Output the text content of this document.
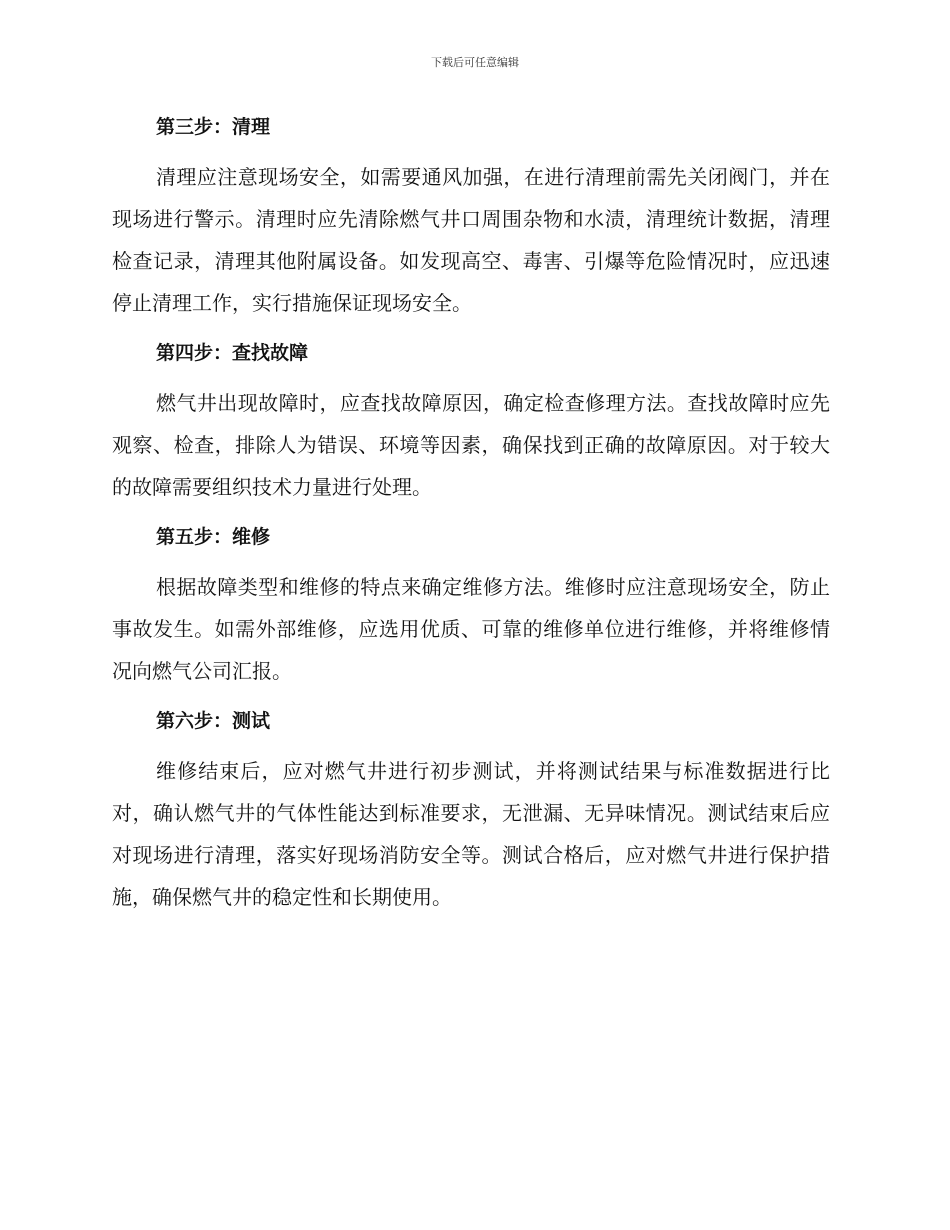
下载后可任意编辑
第三步：清理

清理应注意现场安全，如需要通风加强，在进行清理前需先关闭阀门，并在现场进行警示。清理时应先清除燃气井口周围杂物和水渍，清理统计数据，清理检查记录，清理其他附属设备。如发现高空、毒害、引爆等危险情况时，应迅速停止清理工作，实行措施保证现场安全。

第四步：查找故障

燃气井出现故障时，应查找故障原因，确定检查修理方法。查找故障时应先观察、检查，排除人为错误、环境等因素，确保找到正确的故障原因。对于较大的故障需要组织技术力量进行处理。

第五步：维修

根据故障类型和维修的特点来确定维修方法。维修时应注意现场安全，防止事故发生。如需外部维修，应选用优质、可靠的维修单位进行维修，并将维修情况向燃气公司汇报。

第六步：测试

维修结束后，应对燃气井进行初步测试，并将测试结果与标准数据进行比对，确认燃气井的气体性能达到标准要求，无泄漏、无异味情况。测试结束后应对现场进行清理，落实好现场消防安全等。测试合格后，应对燃气井进行保护措施，确保燃气井的稳定性和长期使用。
